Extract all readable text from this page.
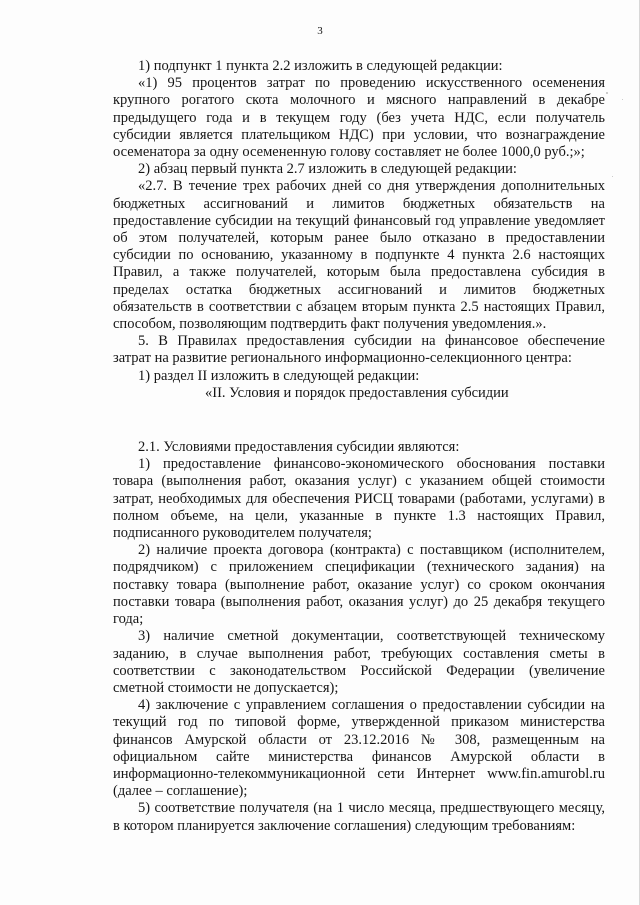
3

1) подпункт 1 пункта 2.2 изложить в следующей редакции:

«1) 95 процентов затрат по проведению искусственного осеменения крупного рогатого скота молочного и мясного направлений в декабре предыдущего года и в текущем году (без учета НДС, если получатель субсидии является плательщиком НДС) при условии, что вознаграждение осеменатора за одну осемененную голову составляет не более 1000,0 руб.;»;

2) абзац первый пункта 2.7 изложить в следующей редакции:

«2.7. В течение трех рабочих дней со дня утверждения дополнительных бюджетных ассигнований и лимитов бюджетных обязательств на предоставление субсидии на текущий финансовый год управление уведомляет об этом получателей, которым ранее было отказано в предоставлении субсидии по основанию, указанному в подпункте 4 пункта 2.6 настоящих Правил, а также получателей, которым была предоставлена субсидия в пределах остатка бюджетных ассигнований и лимитов бюджетных обязательств в соответствии с абзацем вторым пункта 2.5 настоящих Правил, способом, позволяющим подтвердить факт получения уведомления.».

5. В Правилах предоставления субсидии на финансовое обеспечение затрат на развитие регионального информационно-селекционного центра:

1) раздел II изложить в следующей редакции:

«II. Условия и порядок предоставления субсидии

2.1. Условиями предоставления субсидии являются:

1) предоставление финансово-экономического обоснования поставки товара (выполнения работ, оказания услуг) с указанием общей стоимости затрат, необходимых для обеспечения РИСЦ товарами (работами, услугами) в полном объеме, на цели, указанные в пункте 1.3 настоящих Правил, подписанного руководителем получателя;

2) наличие проекта договора (контракта) с поставщиком (исполнителем, подрядчиком) с приложением спецификации (технического задания) на поставку товара (выполнение работ, оказание услуг) со сроком окончания поставки товара (выполнения работ, оказания услуг) до 25 декабря текущего года;

3) наличие сметной документации, соответствующей техническому заданию, в случае выполнения работ, требующих составления сметы в соответствии с законодательством Российской Федерации (увеличение сметной стоимости не допускается);

4) заключение с управлением соглашения о предоставлении субсидии на текущий год по типовой форме, утвержденной приказом министерства финансов Амурской области от 23.12.2016 № 308, размещенным на официальном сайте министерства финансов Амурской области в информационно-телекоммуникационной сети Интернет www.fin.amurobl.ru (далее – соглашение);

5) соответствие получателя (на 1 число месяца, предшествующего месяцу, в котором планируется заключение соглашения) следующим требованиям:
